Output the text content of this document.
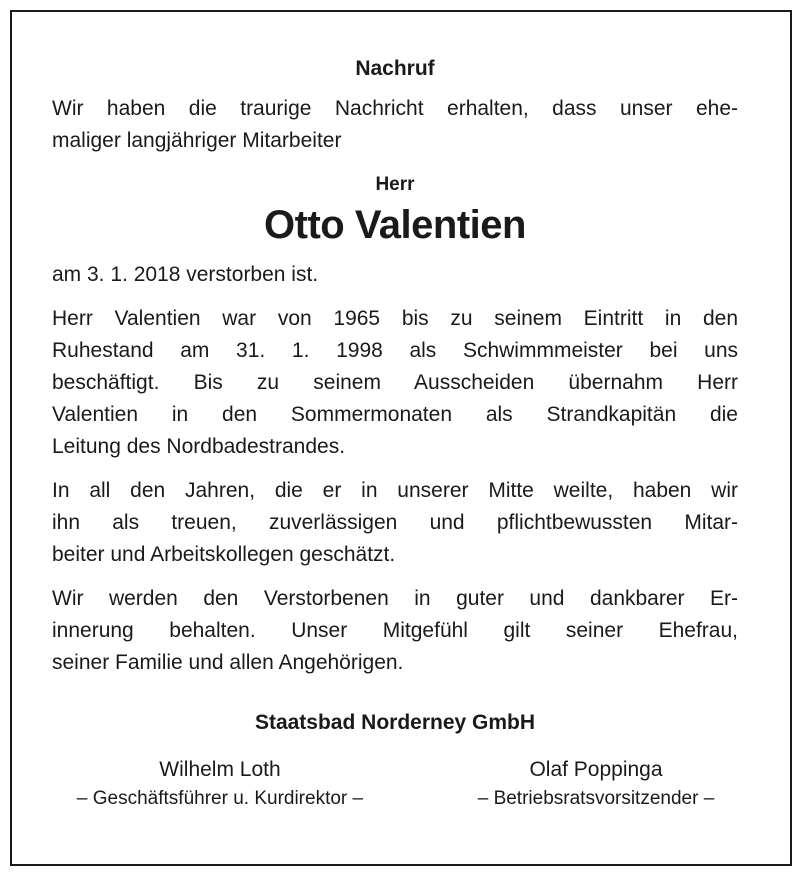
Nachruf

Wir haben die traurige Nachricht erhalten, dass unser ehe-
maliger langjähriger Mitarbeiter

Herr

Otto Valentien

am 3. 1. 2018 verstorben ist.

Herr Valentien war von 1965 bis zu seinem Eintritt in den
Ruhestand am 31. 1. 1998 als Schwimmmeister bei uns
beschäftigt. Bis zu seinem Ausscheiden übernahm Herr
Valentien in den Sommermonaten als Strandkapitän die
Leitung des Nordbadestrandes.
In all den Jahren, die er in unserer Mitte weilte, haben wir
ihn als treuen, zuverlässigen und pflichtbewussten Mitar-
beiter und Arbeitskollegen geschätzt.
Wir werden den Verstorbenen in guter und dankbarer Er-
innerung behalten. Unser Mitgefühl gilt seiner Ehefrau,
seiner Familie und allen Angehörigen.

Staatsbad Norderney GmbH

Wilhelm Loth
– Geschäftsführer u. Kurdirektor –
Olaf Poppinga
– Betriebsratsvorsitzender –
